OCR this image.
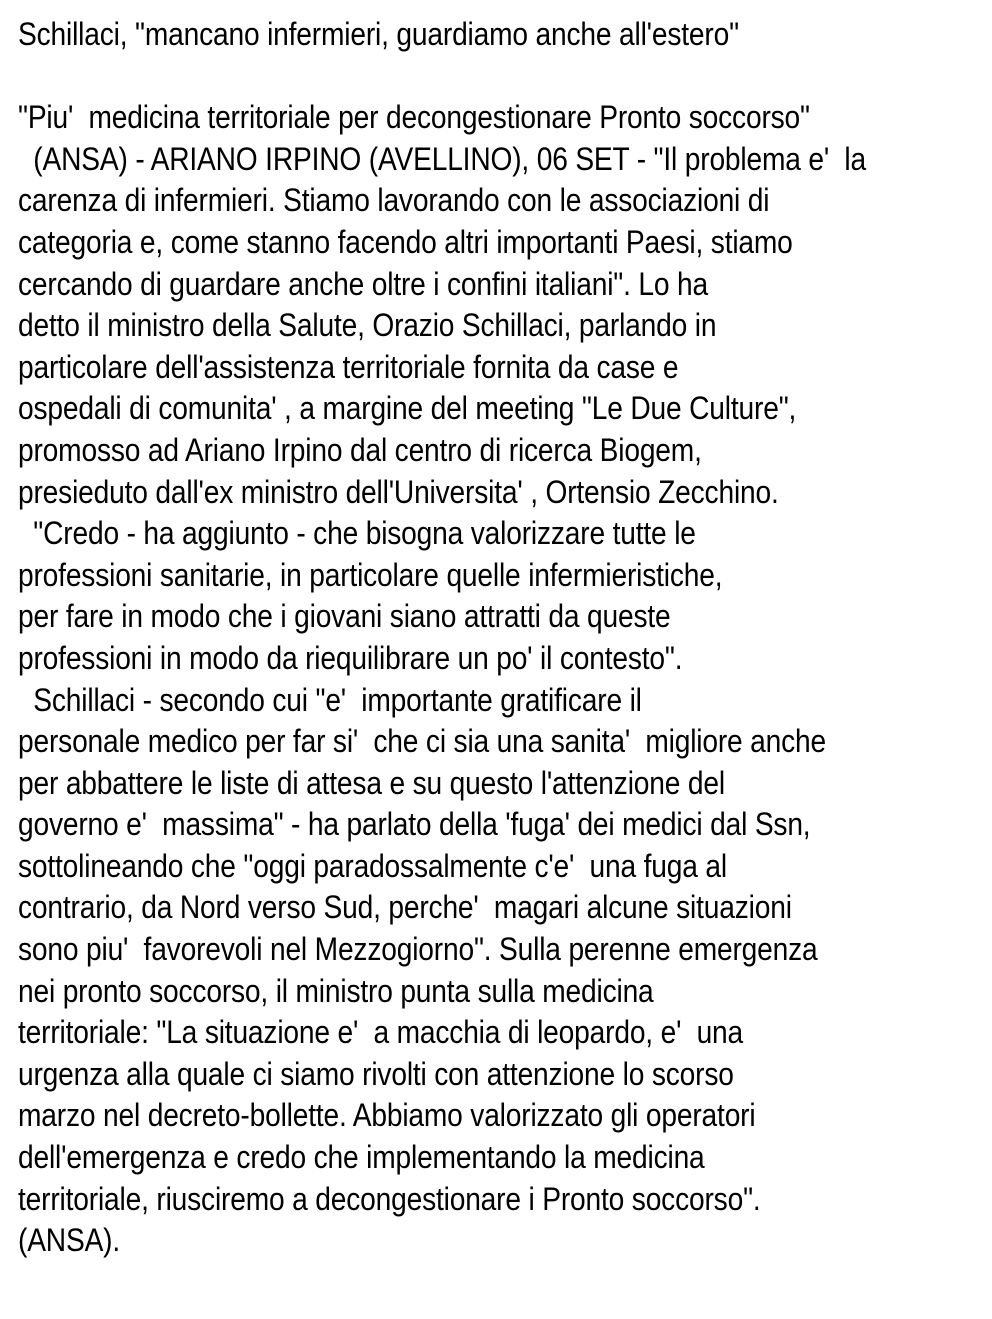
Schillaci, "mancano infermieri, guardiamo anche all'estero"
"Piu'  medicina territoriale per decongestionare Pronto soccorso"
(ANSA) - ARIANO IRPINO (AVELLINO), 06 SET - "Il problema e'  la
carenza di infermieri. Stiamo lavorando con le associazioni di
categoria e, come stanno facendo altri importanti Paesi, stiamo
cercando di guardare anche oltre i confini italiani". Lo ha
detto il ministro della Salute, Orazio Schillaci, parlando in
particolare dell'assistenza territoriale fornita da case e
ospedali di comunita' , a margine del meeting "Le Due Culture",
promosso ad Ariano Irpino dal centro di ricerca Biogem,
presieduto dall'ex ministro dell'Universita' , Ortensio Zecchino.
"Credo - ha aggiunto - che bisogna valorizzare tutte le
professioni sanitarie, in particolare quelle infermieristiche,
per fare in modo che i giovani siano attratti da queste
professioni in modo da riequilibrare un po' il contesto".
Schillaci - secondo cui "e'  importante gratificare il
personale medico per far si'  che ci sia una sanita'  migliore anche
per abbattere le liste di attesa e su questo l'attenzione del
governo e'  massima" - ha parlato della 'fuga' dei medici dal Ssn,
sottolineando che "oggi paradossalmente c'e'  una fuga al
contrario, da Nord verso Sud, perche'  magari alcune situazioni
sono piu'  favorevoli nel Mezzogiorno". Sulla perenne emergenza
nei pronto soccorso, il ministro punta sulla medicina
territoriale: "La situazione e'  a macchia di leopardo, e'  una
urgenza alla quale ci siamo rivolti con attenzione lo scorso
marzo nel decreto-bollette. Abbiamo valorizzato gli operatori
dell'emergenza e credo che implementando la medicina
territoriale, riusciremo a decongestionare i Pronto soccorso".
(ANSA).
